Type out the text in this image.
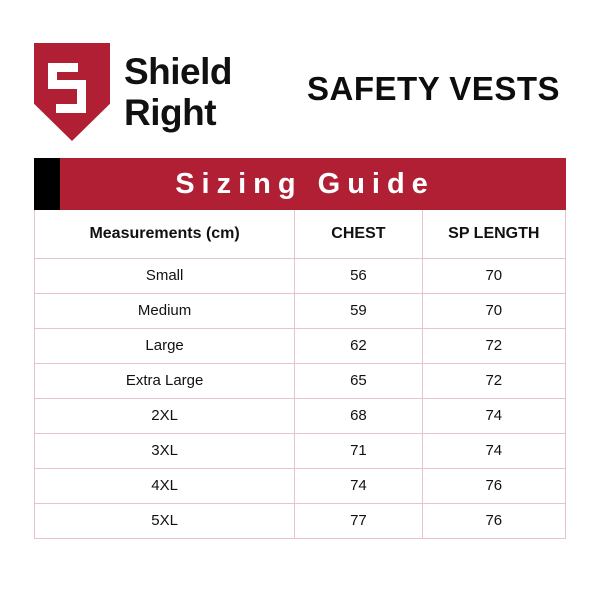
Shield
Right
SAFETY VESTS
Sizing Guide
Measurements (cm)	CHEST	SP LENGTH
Small	56	70
Medium	59	70
Large	62	72
Extra Large	65	72
2XL	68	74
3XL	71	74
4XL	74	76
5XL	77	76
